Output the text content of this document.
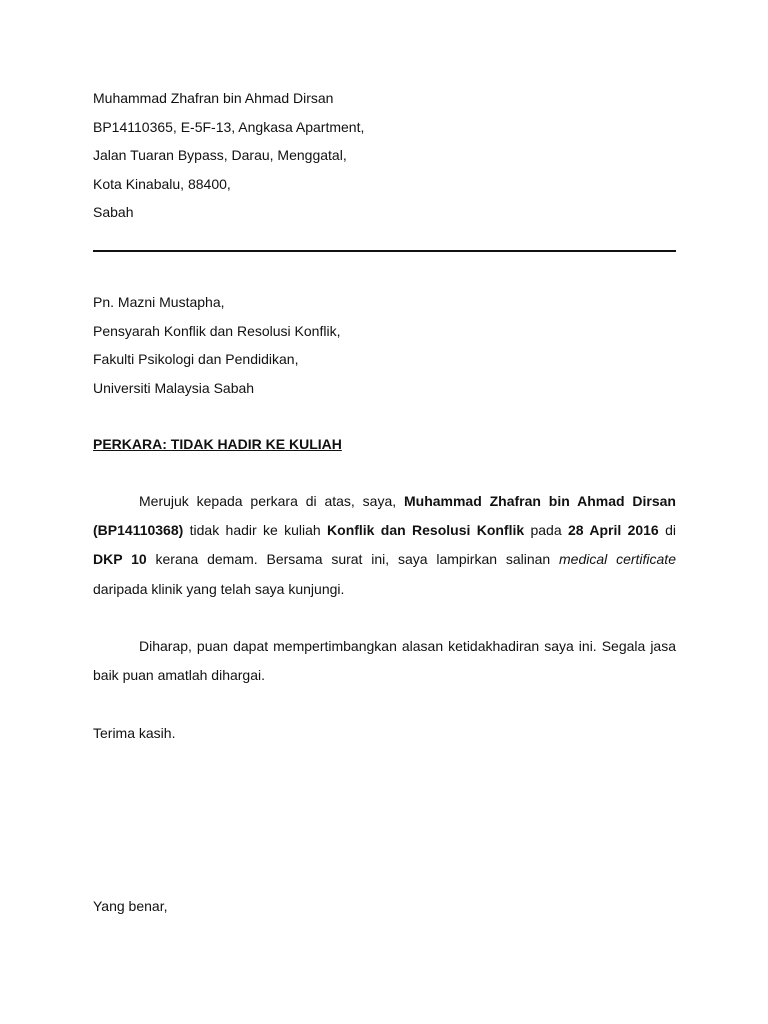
Muhammad Zhafran bin Ahmad Dirsan
BP14110365, E-5F-13, Angkasa Apartment,
Jalan Tuaran Bypass, Darau, Menggatal,
Kota Kinabalu, 88400,
Sabah
Pn. Mazni Mustapha,
Pensyarah Konflik dan Resolusi Konflik,
Fakulti Psikologi dan Pendidikan,
Universiti Malaysia Sabah
PERKARA: TIDAK HADIR KE KULIAH
Merujuk kepada perkara di atas, saya, Muhammad Zhafran bin Ahmad Dirsan (BP14110368) tidak hadir ke kuliah Konflik dan Resolusi Konflik pada 28 April 2016 di DKP 10 kerana demam. Bersama surat ini, saya lampirkan salinan medical certificate daripada klinik yang telah saya kunjungi.
Diharap, puan dapat mempertimbangkan alasan ketidakhadiran saya ini. Segala jasa baik puan amatlah dihargai.
Terima kasih.
Yang benar,
